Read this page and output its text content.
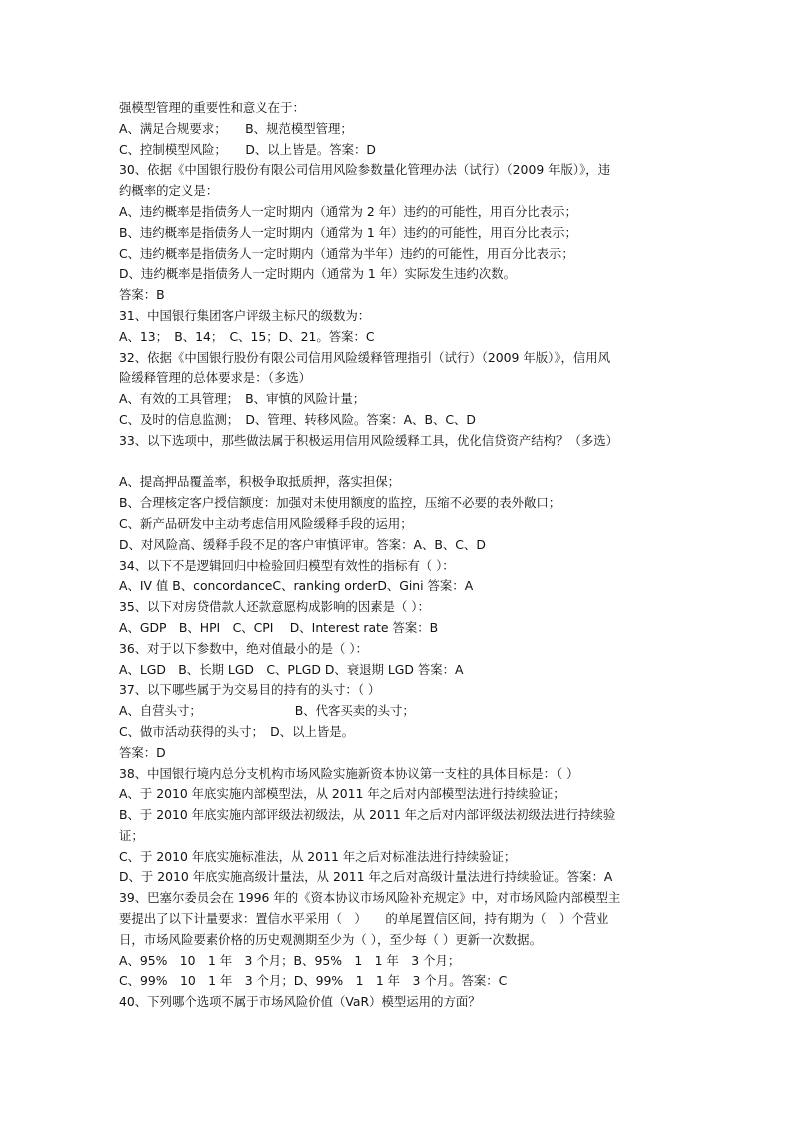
强模型管理的重要性和意义在于：
A、满足合规要求；　　B、规范模型管理；
C、控制模型风险；　　D、以上皆是。答案：D
30、依据《中国银行股份有限公司信用风险参数量化管理办法（试行）（2009 年版）》，违
约概率的定义是：
A、违约概率是指债务人一定时期内（通常为 2 年）违约的可能性，用百分比表示；
B、违约概率是指债务人一定时期内（通常为 1 年）违约的可能性，用百分比表示；
C、违约概率是指债务人一定时期内（通常为半年）违约的可能性，用百分比表示；
D、违约概率是指债务人一定时期内（通常为 1 年）实际发生违约次数。
答案：B
31、中国银行集团客户评级主标尺的级数为：
A、13；　B、14；　C、15；D、21。答案：C
32、依据《中国银行股份有限公司信用风险缓释管理指引（试行）（2009 年版）》，信用风
险缓释管理的总体要求是：（多选）
A、有效的工具管理；　B、审慎的风险计量；
C、及时的信息监测；　D、管理、转移风险。答案：A、B、C、D
33、以下选项中，那些做法属于积极运用信用风险缓释工具，优化信贷资产结构？（多选）
A、提高押品覆盖率，积极争取抵质押，落实担保；
B、合理核定客户授信额度：加强对未使用额度的监控，压缩不必要的表外敞口；
C、新产品研发中主动考虑信用风险缓释手段的运用；
D、对风险高、缓释手段不足的客户审慎评审。答案：A、B、C、D
34、以下不是逻辑回归中检验回归模型有效性的指标有（ ）：
A、IV 值 B、concordanceC、ranking orderD、Gini 答案：A
35、以下对房贷借款人还款意愿构成影响的因素是（ ）：
A、GDP　B、HPI　C、CPI　 D、Interest rate 答案：B
36、对于以下参数中，绝对值最小的是（ ）：
A、LGD　B、长期 LGD　C、PLGD D、衰退期 LGD 答案：A
37、以下哪些属于为交易目的持有的头寸：（ ）
A、自营头寸；　　　　　　　　B、代客买卖的头寸；
C、做市活动获得的头寸；　D、以上皆是。
答案：D
38、中国银行境内总分支机构市场风险实施新资本协议第一支柱的具体目标是：（ ）
A、于 2010 年底实施内部模型法，从 2011 年之后对内部模型法进行持续验证；
B、于 2010 年底实施内部评级法初级法，从 2011 年之后对内部评级法初级法进行持续验
证；
C、于 2010 年底实施标准法，从 2011 年之后对标准法进行持续验证；
D、于 2010 年底实施高级计量法，从 2011 年之后对高级计量法进行持续验证。答案：A
39、巴塞尔委员会在 1996 年的《资本协议市场风险补充规定》中，对市场风险内部模型主
要提出了以下计量要求：置信水平采用（　）　　的单尾置信区间，持有期为（　）个营业
日，市场风险要素价格的历史观测期至少为（ ），至少每（ ）更新一次数据。
A、95%　10　1 年　3 个月；B、95%　1　1 年　3 个月；
C、99%　10　1 年　3 个月；D、99%　1　1 年　3 个月。答案：C
40、下列哪个选项不属于市场风险价值（VaR）模型运用的方面？
